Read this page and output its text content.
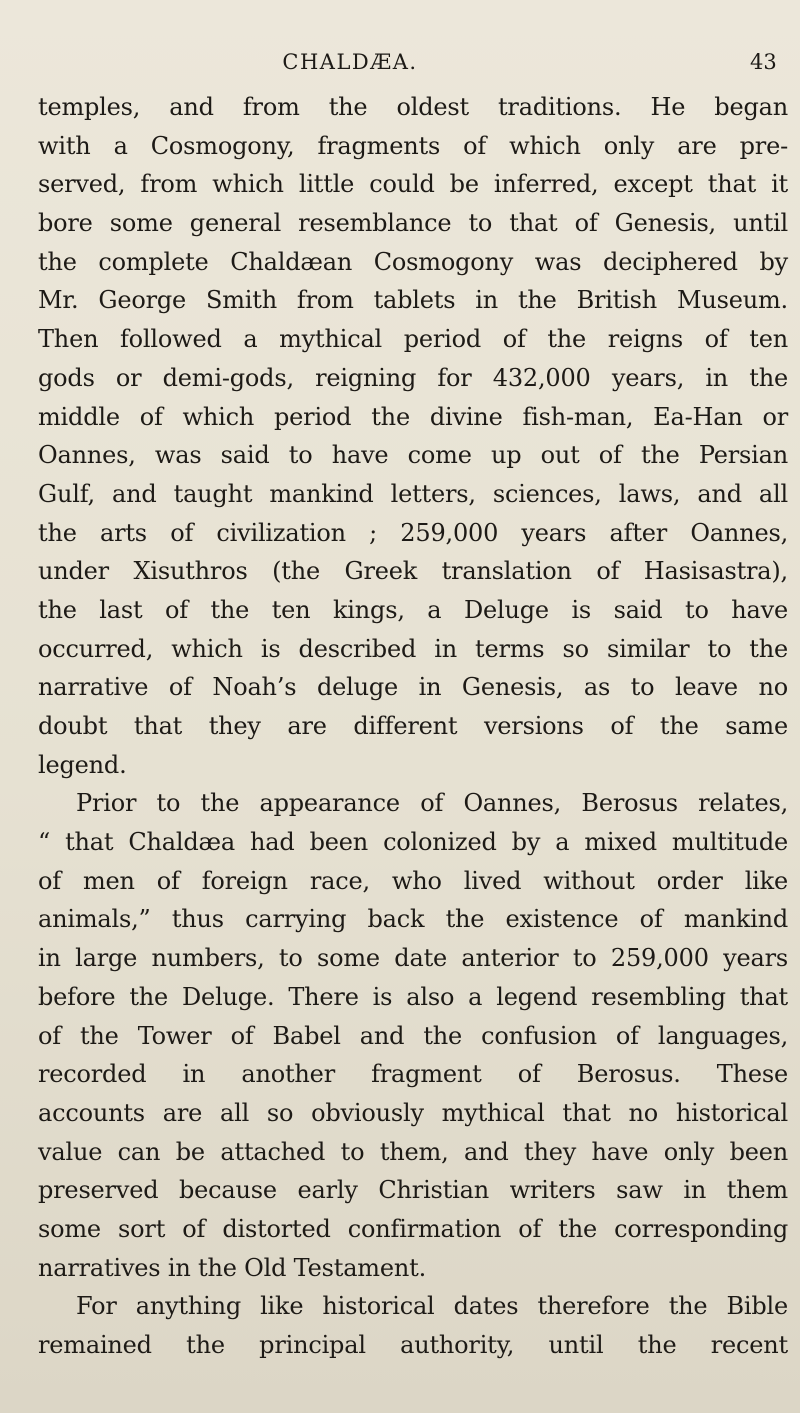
CHALDÆA.	43
temples, and from the oldest traditions. He began
with a Cosmogony, fragments of which only are pre-
served, from which little could be inferred, except that it
bore some general resemblance to that of Genesis, until
the complete Chaldæan Cosmogony was deciphered by
Mr. George Smith from tablets in the British Museum.
Then followed a mythical period of the reigns of ten
gods or demi-gods, reigning for 432,000 years, in the
middle of which period the divine fish-man, Ea-Han or
Oannes, was said to have come up out of the Persian
Gulf, and taught mankind letters, sciences, laws, and all
the arts of civilization ; 259,000 years after Oannes,
under Xisuthros (the Greek translation of Hasisastra),
the last of the ten kings, a Deluge is said to have
occurred, which is described in terms so similar to the
narrative of Noah’s deluge in Genesis, as to leave no
doubt that they are different versions of the same
legend.
Prior to the appearance of Oannes, Berosus relates,
“ that Chaldæa had been colonized by a mixed multitude
of men of foreign race, who lived without order like
animals,” thus carrying back the existence of mankind
in large numbers, to some date anterior to 259,000 years
before the Deluge. There is also a legend resembling that
of the Tower of Babel and the confusion of languages,
recorded in another fragment of Berosus. These
accounts are all so obviously mythical that no historical
value can be attached to them, and they have only been
preserved because early Christian writers saw in them
some sort of distorted confirmation of the corresponding
narratives in the Old Testament.
For anything like historical dates therefore the Bible
remained the principal authority, until the recent
